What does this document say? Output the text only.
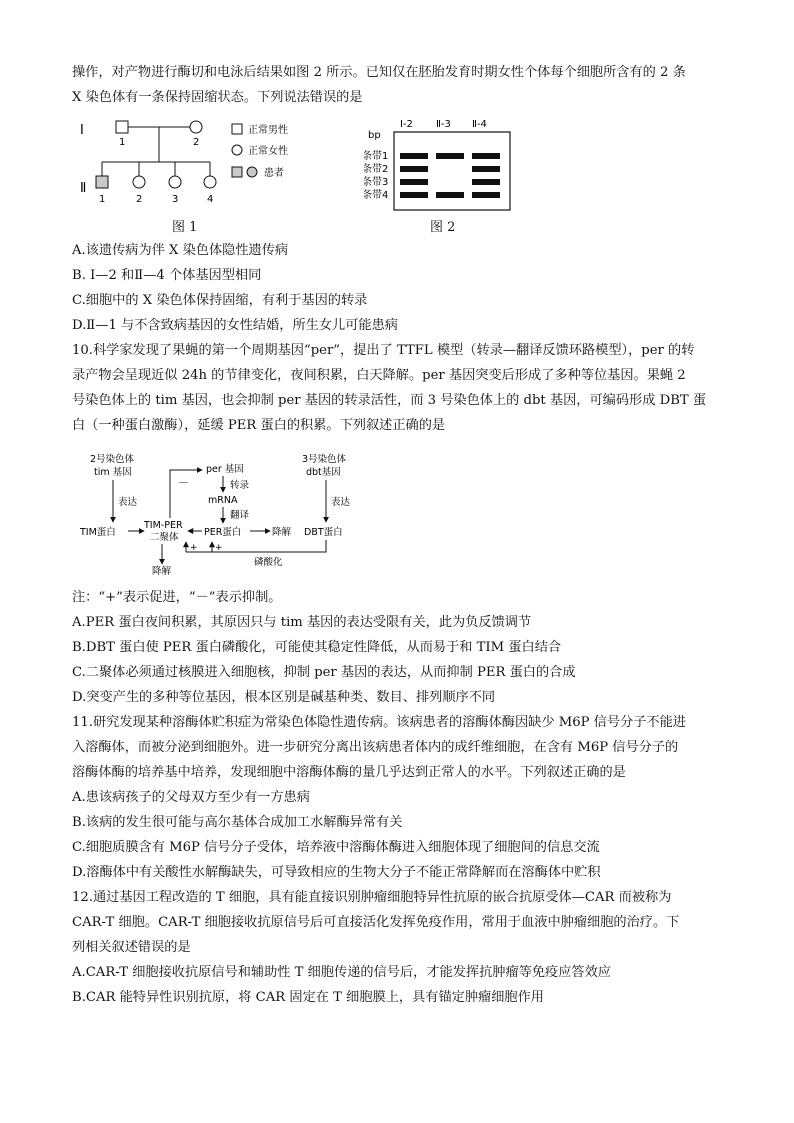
操作，对产物进行酶切和电泳后结果如图 2 所示。已知仅在胚胎发育时期女性个体每个细胞所含有的 2 条
X 染色体有一条保持固缩状态。下列说法错误的是
Ⅰ
Ⅱ
1	2
1	2	3	4
正常男性
正常女性
患者
图 1
bp
Ⅰ-2 Ⅱ-3 Ⅱ-4
条带1
条带2
条带3
条带4
图 2
A.该遗传病为伴 X 染色体隐性遗传病
B. Ⅰ—2 和Ⅱ—4 个体基因型相同
C.细胞中的 X 染色体保持固缩，有利于基因的转录
D.Ⅱ—1 与不含致病基因的女性结婚，所生女儿可能患病
10.科学家发现了果蝇的第一个周期基因“per”，提出了 TTFL 模型（转录—翻译反馈环路模型），per 的转
录产物会呈现近似 24h 的节律变化，夜间积累，白天降解。per 基因突变后形成了多种等位基因。果蝇 2
号染色体上的 tim 基因，也会抑制 per 基因的转录活性，而 3 号染色体上的 dbt 基因，可编码形成 DBT 蛋
白（一种蛋白激酶），延缓 PER 蛋白的积累。下列叙述正确的是
2号染色体
tim 基因
表达
TIM蛋白
TIM-PER
二聚体
－
降解
per 基因
转录
mRNA
翻译
PER蛋白	降解
3号染色体
dbt基因
表达
DBT蛋白
+ +
磷酸化
注：“+”表示促进，“－”表示抑制。
A.PER 蛋白夜间积累，其原因只与 tim 基因的表达受限有关，此为负反馈调节
B.DBT 蛋白使 PER 蛋白磷酸化，可能使其稳定性降低，从而易于和 TIM 蛋白结合
C.二聚体必须通过核膜进入细胞核，抑制 per 基因的表达，从而抑制 PER 蛋白的合成
D.突变产生的多种等位基因，根本区别是碱基种类、数目、排列顺序不同
11.研究发现某种溶酶体贮积症为常染色体隐性遗传病。该病患者的溶酶体酶因缺少 M6P 信号分子不能进
入溶酶体，而被分泌到细胞外。进一步研究分离出该病患者体内的成纤维细胞，在含有 M6P 信号分子的
溶酶体酶的培养基中培养，发现细胞中溶酶体酶的量几乎达到正常人的水平。下列叙述正确的是
A.患该病孩子的父母双方至少有一方患病
B.该病的发生很可能与高尔基体合成加工水解酶异常有关
C.细胞质膜含有 M6P 信号分子受体，培养液中溶酶体酶进入细胞体现了细胞间的信息交流
D.溶酶体中有关酸性水解酶缺失，可导致相应的生物大分子不能正常降解而在溶酶体中贮积
12.通过基因工程改造的 T 细胞，具有能直接识别肿瘤细胞特异性抗原的嵌合抗原受体—CAR 而被称为
CAR-T 细胞。CAR-T 细胞接收抗原信号后可直接活化发挥免疫作用，常用于血液中肿瘤细胞的治疗。下
列相关叙述错误的是
A.CAR-T 细胞接收抗原信号和辅助性 T 细胞传递的信号后，才能发挥抗肿瘤等免疫应答效应
B.CAR 能特异性识别抗原，将 CAR 固定在 T 细胞膜上，具有锚定肿瘤细胞作用
